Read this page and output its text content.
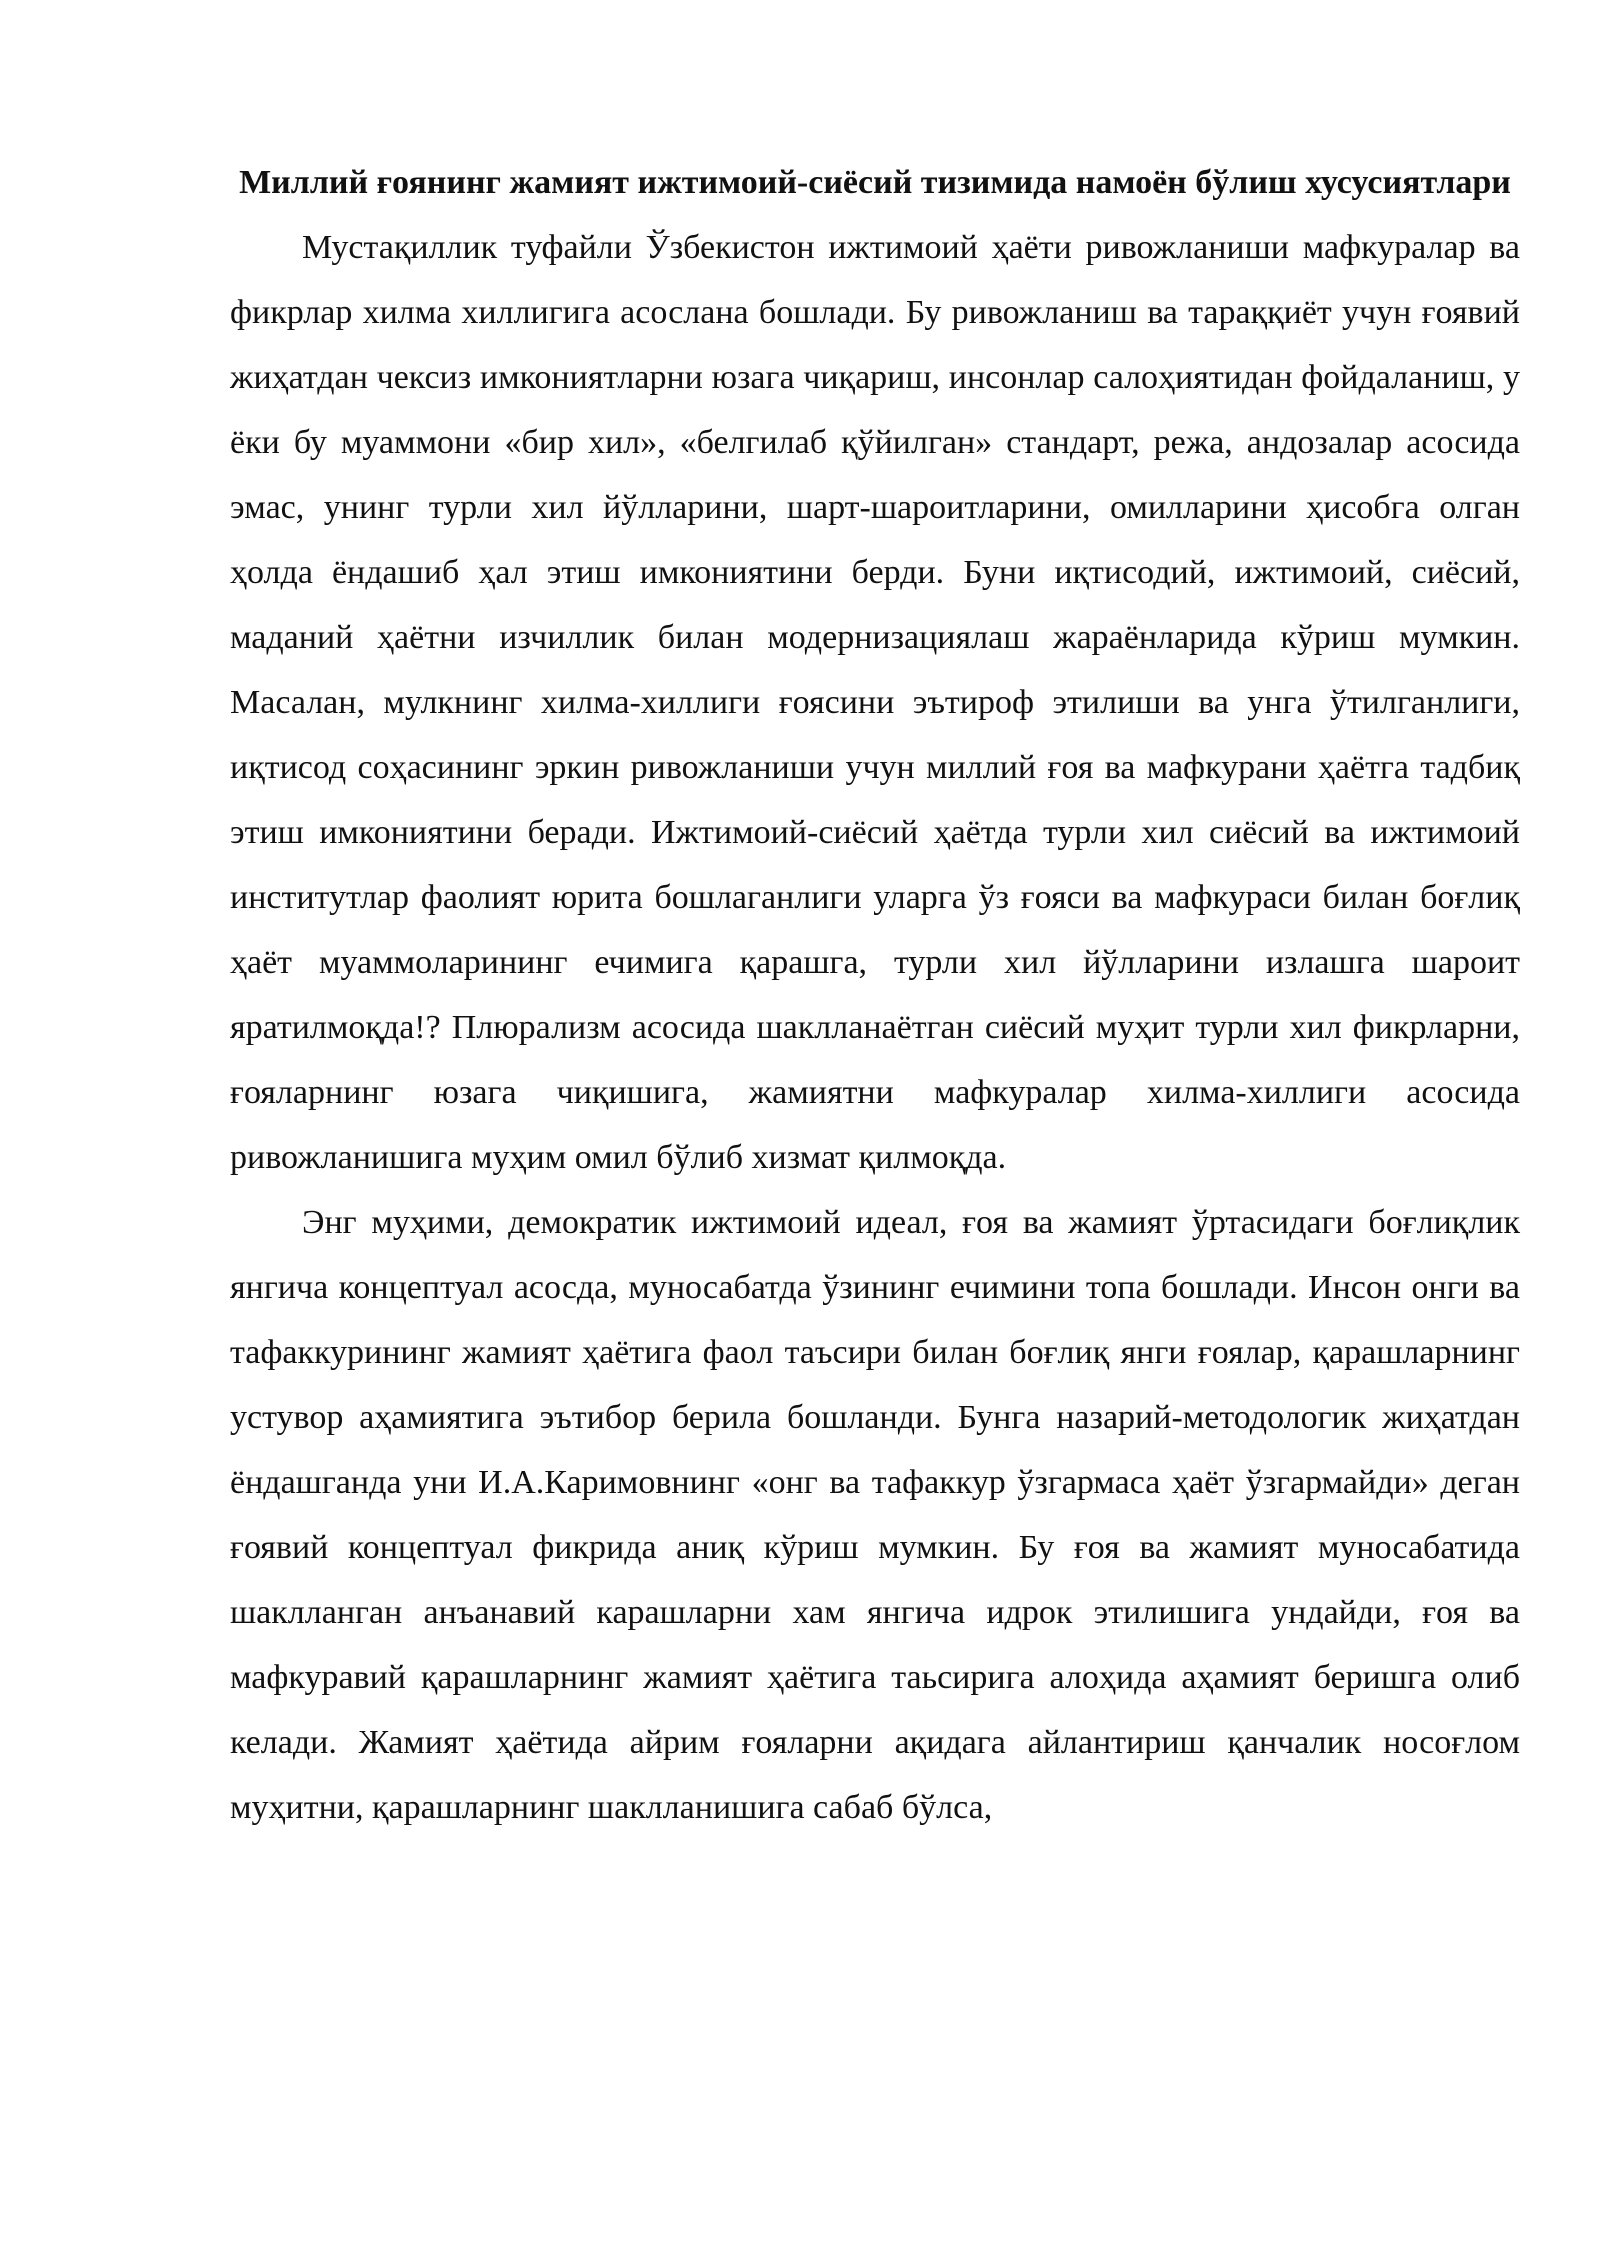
Миллий ғоянинг жамият ижтимоий-сиёсий тизимида намоён бўлиш хусусиятлари

Мустақиллик туфайли Ўзбекистон ижтимоий ҳаёти ривожланиши мафкуралар ва фикрлар хилма хиллигига асослана бошлади. Бу ривожланиш ва тараққиёт учун ғоявий жиҳатдан чексиз имкониятларни юзага чиқариш, инсонлар салоҳиятидан фойдаланиш, у ёки бу муаммони «бир хил», «белгилаб қўйилган» стандарт, режа, андозалар асосида эмас, унинг турли хил йўлларини, шарт-шароитларини, омилларини ҳисобга олган ҳолда ёндашиб ҳал этиш имкониятини берди. Буни иқтисодий, ижтимоий, сиёсий, маданий ҳаётни изчиллик билан модернизациялаш жараёнларида кўриш мумкин. Масалан, мулкнинг хилма-хиллиги ғоясини эътироф этилиши ва унга ўтилганлиги, иқтисод соҳасининг эркин ривожланиши учун миллий ғоя ва мафкурани ҳаётга тадбиқ этиш имкониятини беради. Ижтимоий-сиёсий ҳаётда турли хил сиёсий ва ижтимоий институтлар фаолият юрита бошлаганлиги уларга ўз ғояси ва мафкураси билан боғлиқ ҳаёт муаммоларининг ечимига қарашга, турли хил йўлларини излашга шароит яратилмоқда!? Плюрализм асосида шаклланаётган сиёсий муҳит турли хил фикрларни, ғояларнинг юзага чиқишига, жамиятни мафкуралар хилма-хиллиги асосида ривожланишига муҳим омил бўлиб хизмат қилмоқда.

Энг муҳими, демократик ижтимоий идеал, ғоя ва жамият ўртасидаги боғлиқлик янгича концептуал асосда, муносабатда ўзининг ечимини топа бошлади. Инсон онги ва тафаккурининг жамият ҳаётига фаол таъсири билан боғлиқ янги ғоялар, қарашларнинг устувор аҳамиятига эътибор берила бошланди. Бунга назарий-методологик жиҳатдан ёндашганда уни И.А.Каримовнинг «онг ва тафаккур ўзгармаса ҳаёт ўзгармайди» деган ғоявий концептуал фикрида аниқ кўриш мумкин. Бу ғоя ва жамият муносабатида шаклланган анъанавий карашларни хам янгича идрок этилишига ундайди, ғоя ва мафкуравий қарашларнинг жамият ҳаётига таьсирига алоҳида аҳамият беришга олиб келади. Жамият ҳаётида айрим ғояларни ақидага айлантириш қанчалик носоғлом муҳитни, қарашларнинг шаклланишига сабаб бўлса,
